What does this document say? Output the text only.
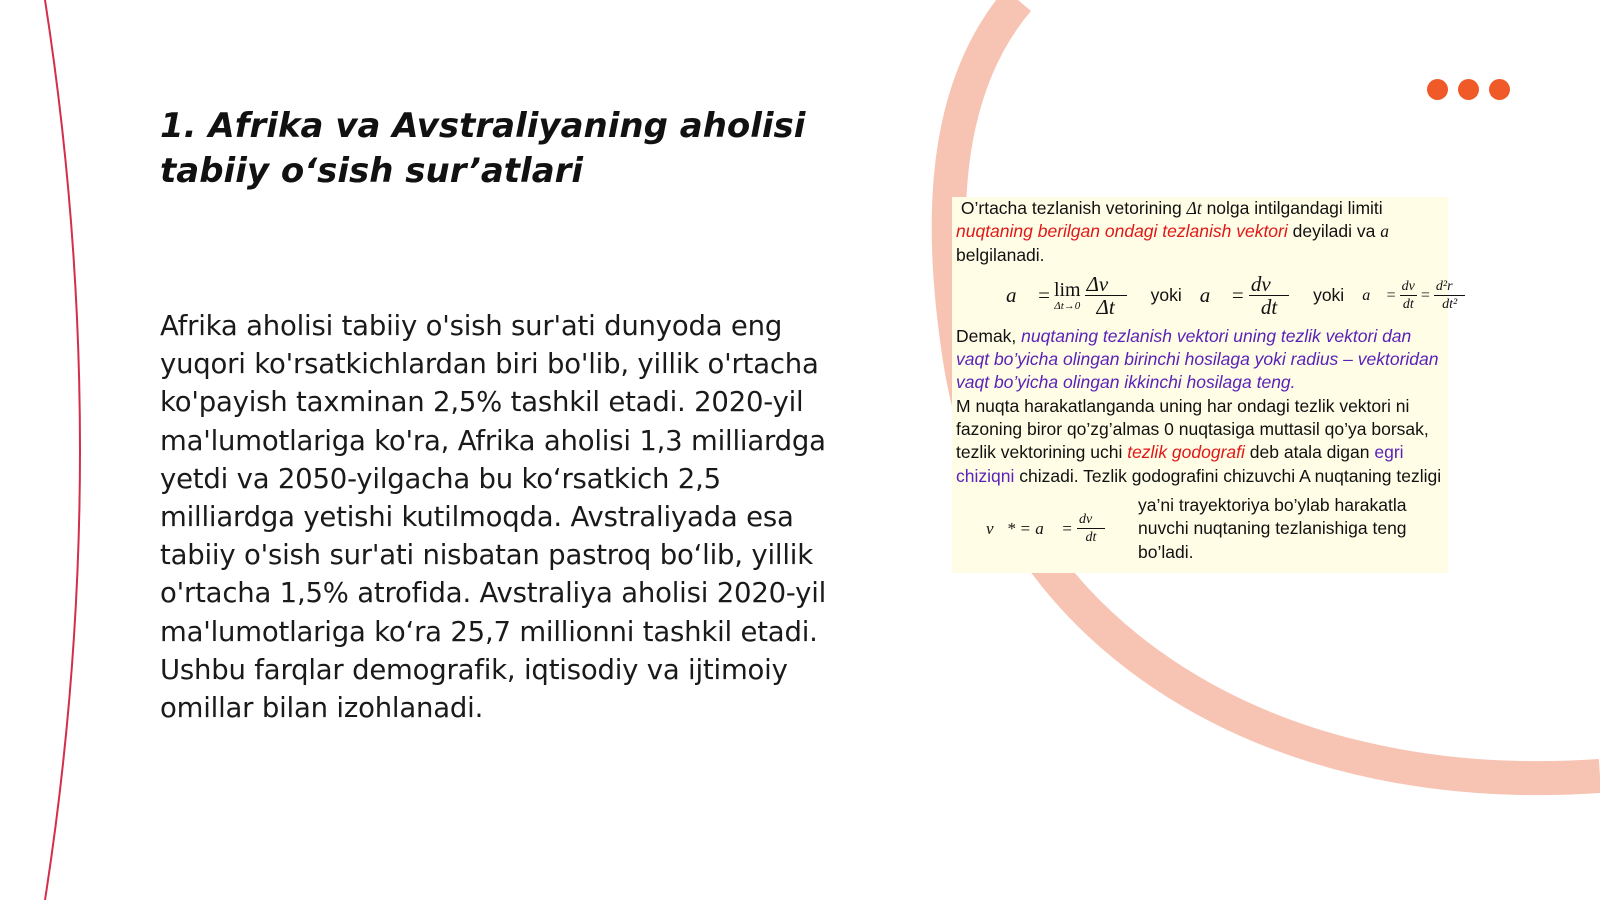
1. Afrika va Avstraliyaning aholisi
tabiiy o‘sish sur’atlari

Afrika aholisi tabiiy o'sish sur'ati dunyoda eng yuqori ko'rsatkichlardan biri bo'lib, yillik o'rtacha ko'payish taxminan 2,5% tashkil etadi. 2020-yil ma'lumotlariga ko'ra, Afrika aholisi 1,3 milliardga yetdi va 2050-yilgacha bu ko‘rsatkich 2,5 milliardga yetishi kutilmoqda. Avstraliyada esa tabiiy o'sish sur'ati nisbatan pastroq bo‘lib, yillik o'rtacha 1,5% atrofida. Avstraliya aholisi 2020-yil ma'lumotlariga ko‘ra 25,7 millionni tashkil etadi. Ushbu farqlar demografik, iqtisodiy va ijtimoiy omillar bilan izohlanadi.

O’rtacha tezlanish vetorining Δt nolga intilgandagi limiti nuqtaning berilgan ondagi tezlanish vektori deyiladi va a⃗ belgilanadi.

a⃗
= lim
$\Delta t\to 0 \frac{\Delta v⃗}{\Delta t}$ yoki a⃗
=
$\frac{dv⃗}{dt}$ yoki a⃗
=
$\frac{dv}{dt}$
=
$\frac{\text{d²r⃗}}{\text{dt²}}$

Demak, nuqtaning tezlanish vektori uning tezlik vektori dan vaqt bo’yicha olingan birinchi hosilaga yoki radius – vektoridan vaqt bo’yicha olingan ikkinchi hosilaga teng.

M nuqta harakatlanganda uning har ondagi tezlik vektori ni fazoning biror qo’zg’almas 0 nuqtasiga muttasil qo’ya borsak, tezlik vektorining uchi tezlik godografi deb atala digan egri chiziqni chizadi. Tezlik godografini chizuvchi A nuqtaning tezligi

v⃗* = a⃗ =
$\frac{dv⃗}{dt}$

ya’ni trayektoriya bo’ylab harakatla nuvchi nuqtaning tezlanishiga teng bo’ladi.
